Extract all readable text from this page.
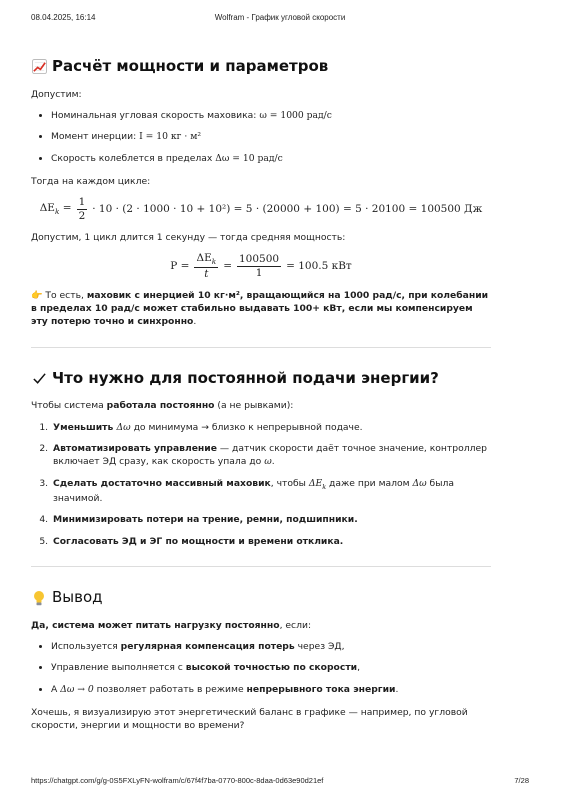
08.04.2025, 16:14	Wolfram - График угловой скорости
Расчёт мощности и параметров

Допустим:

• Номинальная угловая скорость маховика: ω = 1000 рад/с
• Момент инерции: I = 10 кг · м²
• Скорость колеблется в пределах Δω = 10 рад/с

Тогда на каждом цикле:

$\Delta E_k = \frac{1}{2} \cdot 10 \cdot (2 \cdot 1000 \cdot 10 + 10^2) = 5 \cdot (20000 + 100) = 5 \cdot 20100 = 100500$ Дж

Допустим, 1 цикл длится 1 секунду — тогда средняя мощность:

$P = \frac{\Delta E_k}{t} = \frac{100500}{1} = 100.5$ кВт

👉 То есть, маховик с инерцией 10 кг·м², вращающийся на 1000 рад/с, при колебании в пределах 10 рад/с может стабильно выдавать 100+ кВт, если мы компенсируем эту потерю точно и синхронно.

Что нужно для постоянной подачи энергии?

Чтобы система работала постоянно (а не рывками):

1. Уменьшить Δω до минимума → близко к непрерывной подаче.
2. Автоматизировать управление — датчик скорости даёт точное значение, контроллер включает ЭД сразу, как скорость упала до ω.
3. Сделать достаточно массивный маховик, чтобы $\Delta E_k$ даже при малом Δω была значимой.
4. Минимизировать потери на трение, ремни, подшипники.
5. Согласовать ЭД и ЭГ по мощности и времени отклика.
Вывод

Да, система может питать нагрузку постоянно, если:

• Используется регулярная компенсация потерь через ЭД,
• Управление выполняется с высокой точностью по скорости,
• А Δω → 0 позволяет работать в режиме непрерывного тока энергии.

Хочешь, я визуализирую этот энергетический баланс в графике — например, по угловой скорости, энергии и мощности во времени?

https://chatgpt.com/g/g-0S5FXLyFN-wolfram/c/67f4f7ba-0770-800c-8daa-0d63e90d21ef	7/28
